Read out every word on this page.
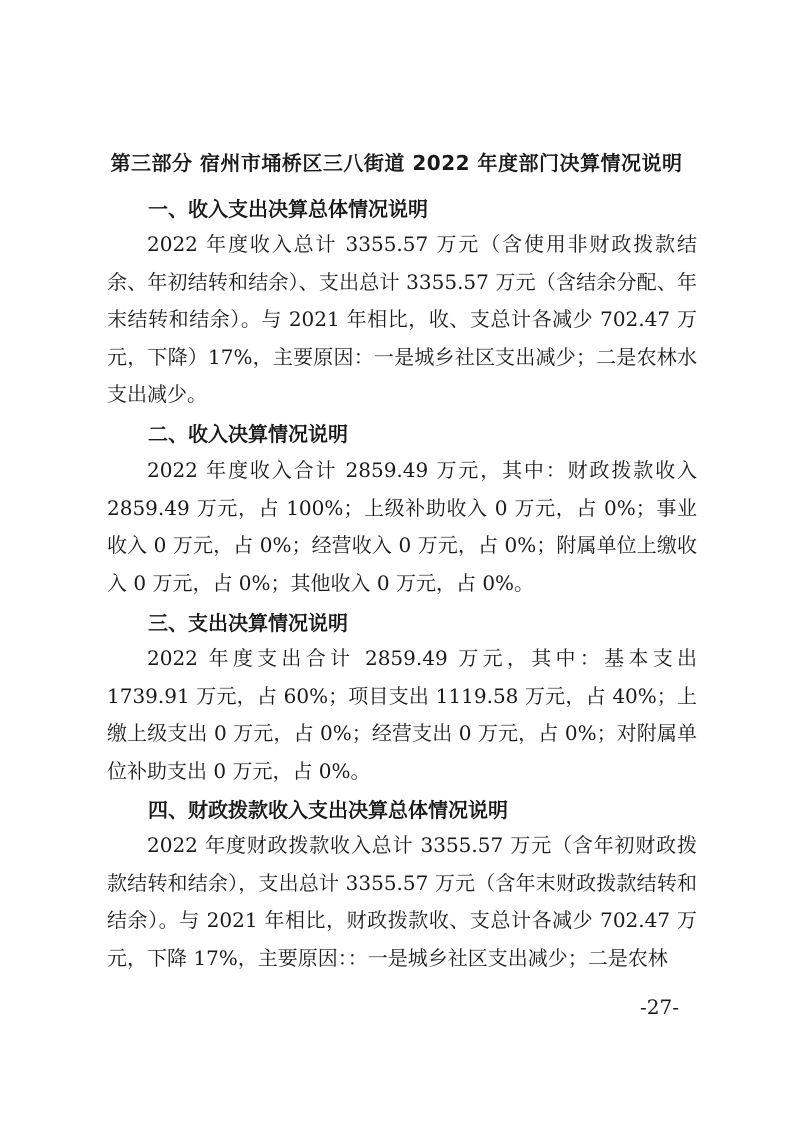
第三部分 宿州市埇桥区三八街道 2022 年度部门决算情况说明
一、收入支出决算总体情况说明
2022 年度收入总计 3355.57 万元（含使用非财政拨款结余、年初结转和结余）、支出总计 3355.57 万元（含结余分配、年末结转和结余）。与 2021 年相比，收、支总计各减少 702.47 万元，下降）17%，主要原因：一是城乡社区支出减少；二是农林水支出减少。
二、收入决算情况说明
2022 年度收入合计 2859.49 万元，其中：财政拨款收入 2859.49 万元，占 100%；上级补助收入 0 万元，占 0%；事业收入 0 万元，占 0%；经营收入 0 万元，占 0%；附属单位上缴收入 0 万元，占 0%；其他收入 0 万元，占 0%。
三、支出决算情况说明
2022 年度支出合计 2859.49 万元，其中：基本支出 1739.91 万元，占 60%；项目支出 1119.58 万元，占 40%；上缴上级支出 0 万元，占 0%；经营支出 0 万元，占 0%；对附属单位补助支出 0 万元，占 0%。
四、财政拨款收入支出决算总体情况说明
2022 年度财政拨款收入总计 3355.57 万元（含年初财政拨款结转和结余），支出总计 3355.57 万元（含年末财政拨款结转和结余）。与 2021 年相比，财政拨款收、支总计各减少 702.47 万元，下降 17%，主要原因：：一是城乡社区支出减少；二是农林
-27-
